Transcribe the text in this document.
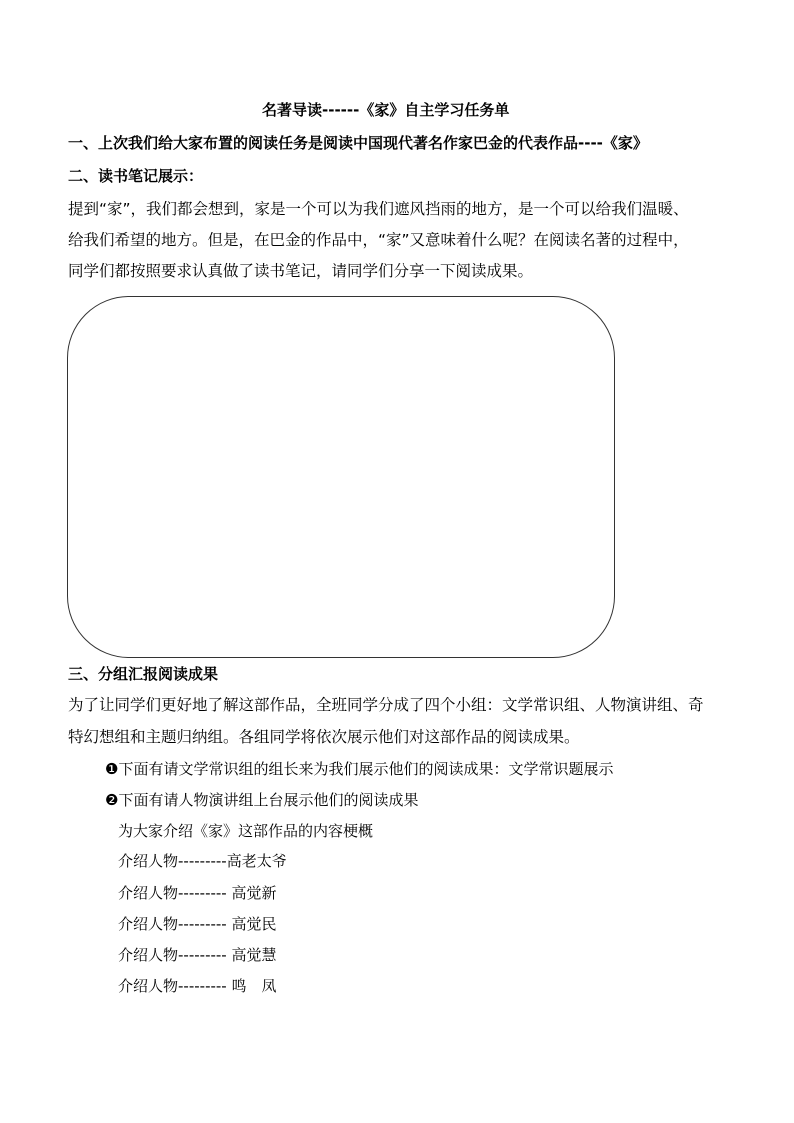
名著导读------《家》自主学习任务单
一、上次我们给大家布置的阅读任务是阅读中国现代著名作家巴金的代表作品----《家》
二、读书笔记展示：
提到“家”，我们都会想到，家是一个可以为我们遮风挡雨的地方，是一个可以给我们温暖、
给我们希望的地方。但是，在巴金的作品中，“家”又意味着什么呢？在阅读名著的过程中，
同学们都按照要求认真做了读书笔记，请同学们分享一下阅读成果。
三、分组汇报阅读成果
为了让同学们更好地了解这部作品，全班同学分成了四个小组：文学常识组、人物演讲组、奇
特幻想组和主题归纳组。各组同学将依次展示他们对这部作品的阅读成果。
❶下面有请文学常识组的组长来为我们展示他们的阅读成果：文学常识题展示
❷下面有请人物演讲组上台展示他们的阅读成果
为大家介绍《家》这部作品的内容梗概
介绍人物---------高老太爷
介绍人物--------- 高觉新
介绍人物--------- 高觉民
介绍人物--------- 高觉慧
介绍人物--------- 鸣　凤
